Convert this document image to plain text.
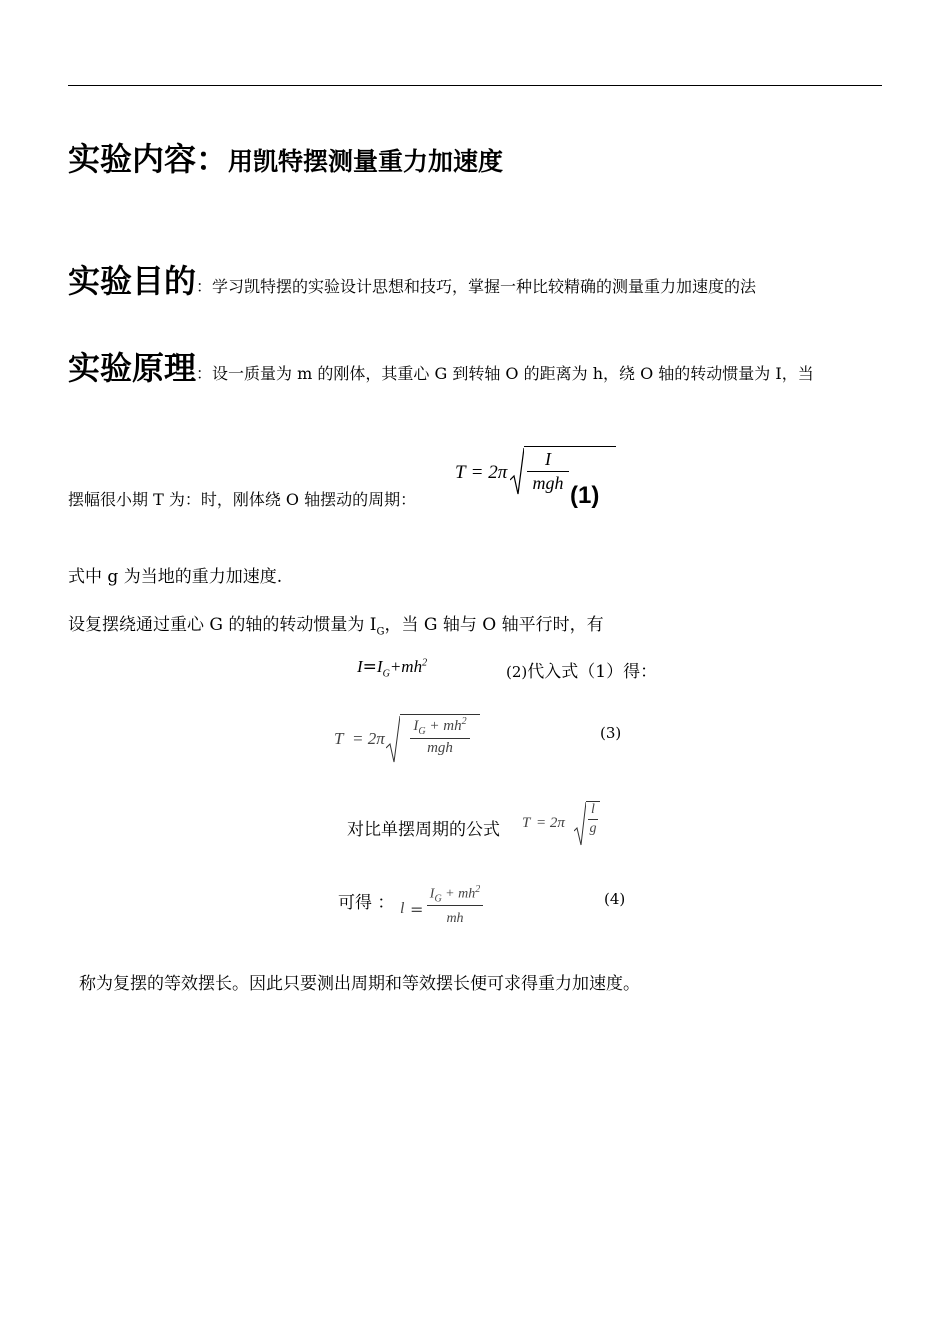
实验内容：用凯特摆测量重力加速度
实验目的：学习凯特摆的实验设计思想和技巧，掌握一种比较精确的测量重力加速度的法
实验原理：设一质量为 m 的刚体，其重心 G 到转轴 O 的距离为 h，绕 O 轴的转动惯量为 I，当
摆幅很小期 T 为：时，刚体绕 O 轴摆动的周期：
T = 2π
I
mgh (1)
式中 g 为当地的重力加速度.
设复摆绕通过重心 G 的轴的转动惯量为 $I_G$，当 G 轴与 O 轴平行时，有
$I=I_G+mh^2$
(2)代入式（1）得：
T = 2π
$I_G + mh^2$
mgh
(3)
对比单摆周期的公式 $T = 2\pi \frac{l}{g}$
可得 ： l =
$\frac{I_G + mh^2}{mh}$	(4)
称为复摆的等效摆长。因此只要测出周期和等效摆长便可求得重力加速度。
